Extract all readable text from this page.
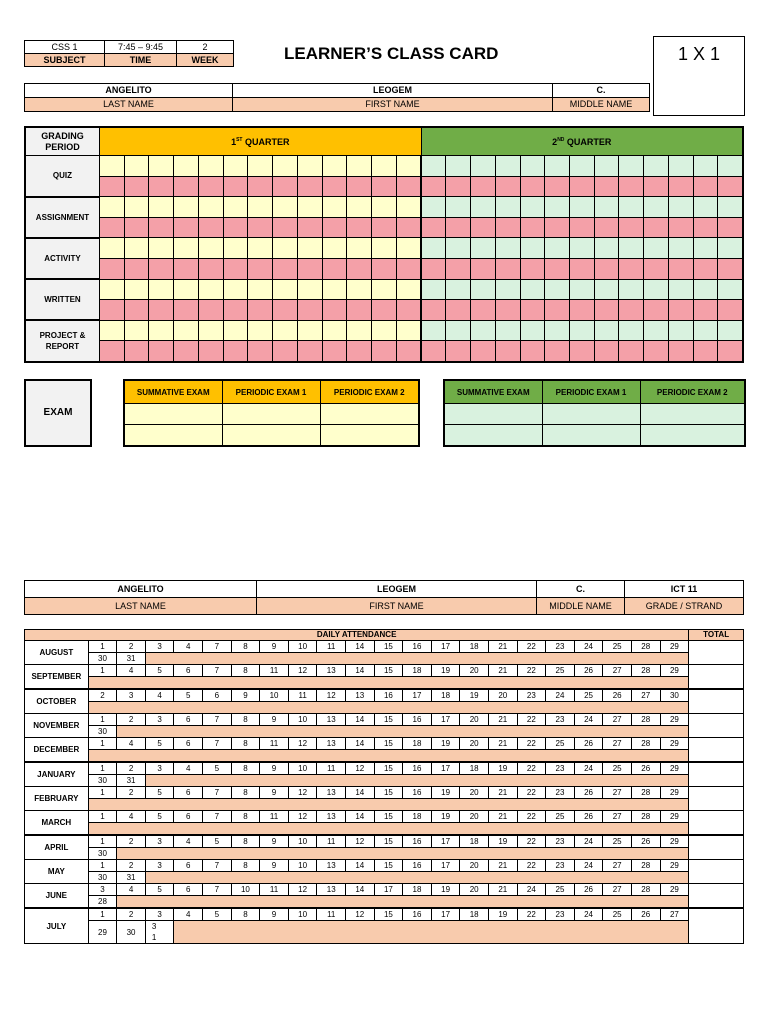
CSS 1	7:45 – 9:45	2
SUBJECT	TIME	WEEK	LEARNER’S CLASS CARD	1 X 1
ANGELITO	LEOGEM	C.
LAST NAME	FIRST NAME	MIDDLE NAME
GRADING PERIOD	1ST QUARTER													2ND QUARTER												
QUIZ																										

ASSIGNMENT																										

ACTIVITY																										

WRITTEN																										

PROJECT & REPORT																										

EXAM
SUMMATIVE EXAM	PERIODIC EXAM 1	PERIODIC EXAM 2

			SUMMATIVE EXAM	PERIODIC EXAM 1	PERIODIC EXAM 2

ANGELITO	LEOGEM	C.	ICT 11
LAST NAME	FIRST NAME	MIDDLE NAME	GRADE / STRAND
DAILY ATTENDANCE																						TOTAL
AUGUST	1	2	3	4	7	8	9	10	11	14	15	16	17	18	21	22	23	24	25	28	29	
	30	31																				
SEPTEMBER	1	4	5	6	7	8	11	12	13	14	15	18	19	20	21	22	25	26	27	28	29	

OCTOBER	2	3	4	5	6	9	10	11	12	13	16	17	18	19	20	23	24	25	26	27	30	

NOVEMBER	1	2	3	6	7	8	9	10	13	14	15	16	17	20	21	22	23	24	27	28	29	
	30																					
DECEMBER	1	4	5	6	7	8	11	12	13	14	15	18	19	20	21	22	25	26	27	28	29	

JANUARY	1	2	3	4	5	8	9	10	11	12	15	16	17	18	19	22	23	24	25	26	29	
	30	31																				
FEBRUARY	1	2	5	6	7	8	9	12	13	14	15	16	19	20	21	22	23	26	27	28	29	

MARCH	1	4	5	6	7	8	11	12	13	14	15	18	19	20	21	22	25	26	27	28	29	

APRIL	1	2	3	4	5	8	9	10	11	12	15	16	17	18	19	22	23	24	25	26	29	
	30																					
MAY	1	2	3	6	7	8	9	10	13	14	15	16	17	20	21	22	23	24	27	28	29	
	30	31																				
JUNE	3	4	5	6	7	10	11	12	13	14	17	18	19	20	21	24	25	26	27	28	29	
	28																					
JULY	1	2	3	4	5	8	9	10	11	12	15	16	17	18	19	22	23	24	25	26	27	
	29	30	3																			
			1																			
